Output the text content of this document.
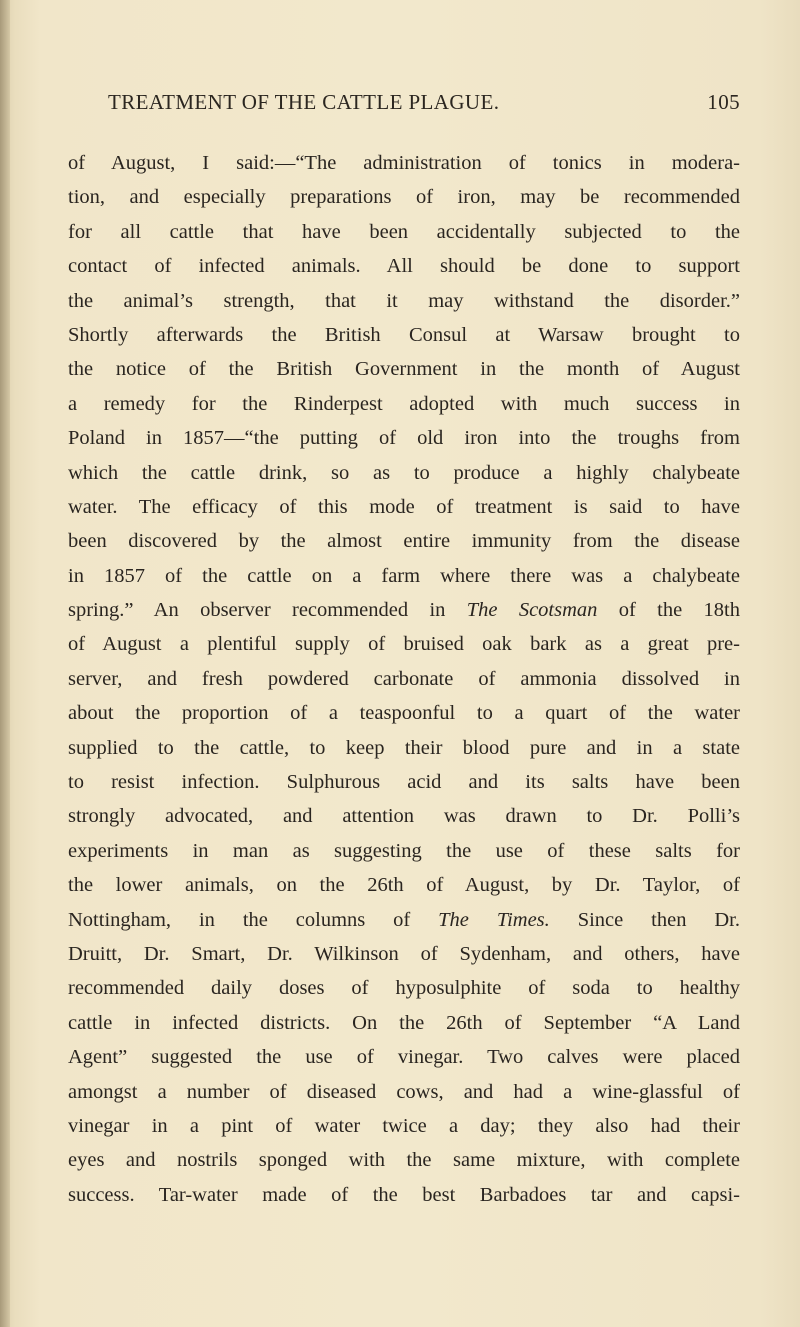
TREATMENT OF THE CATTLE PLAGUE.	105
of August, I said:—“The administration of tonics in modera-
tion, and especially preparations of iron, may be recommended
for all cattle that have been accidentally subjected to the
contact of infected animals. All should be done to support
the animal’s strength, that it may withstand the disorder.”
Shortly afterwards the British Consul at Warsaw brought to
the notice of the British Government in the month of August
a remedy for the Rinderpest adopted with much success in
Poland in 1857—“the putting of old iron into the troughs from
which the cattle drink, so as to produce a highly chalybeate
water. The efficacy of this mode of treatment is said to have
been discovered by the almost entire immunity from the disease
in 1857 of the cattle on a farm where there was a chalybeate
spring.” An observer recommended in The Scotsman of the 18th
of August a plentiful supply of bruised oak bark as a great pre-
server, and fresh powdered carbonate of ammonia dissolved in
about the proportion of a teaspoonful to a quart of the water
supplied to the cattle, to keep their blood pure and in a state
to resist infection. Sulphurous acid and its salts have been
strongly advocated, and attention was drawn to Dr. Polli’s
experiments in man as suggesting the use of these salts for
the lower animals, on the 26th of August, by Dr. Taylor, of
Nottingham, in the columns of The Times. Since then Dr.
Druitt, Dr. Smart, Dr. Wilkinson of Sydenham, and others, have
recommended daily doses of hyposulphite of soda to healthy
cattle in infected districts. On the 26th of September “A Land
Agent” suggested the use of vinegar. Two calves were placed
amongst a number of diseased cows, and had a wine-glassful of
vinegar in a pint of water twice a day; they also had their
eyes and nostrils sponged with the same mixture, with complete
success. Tar-water made of the best Barbadoes tar and capsi-
